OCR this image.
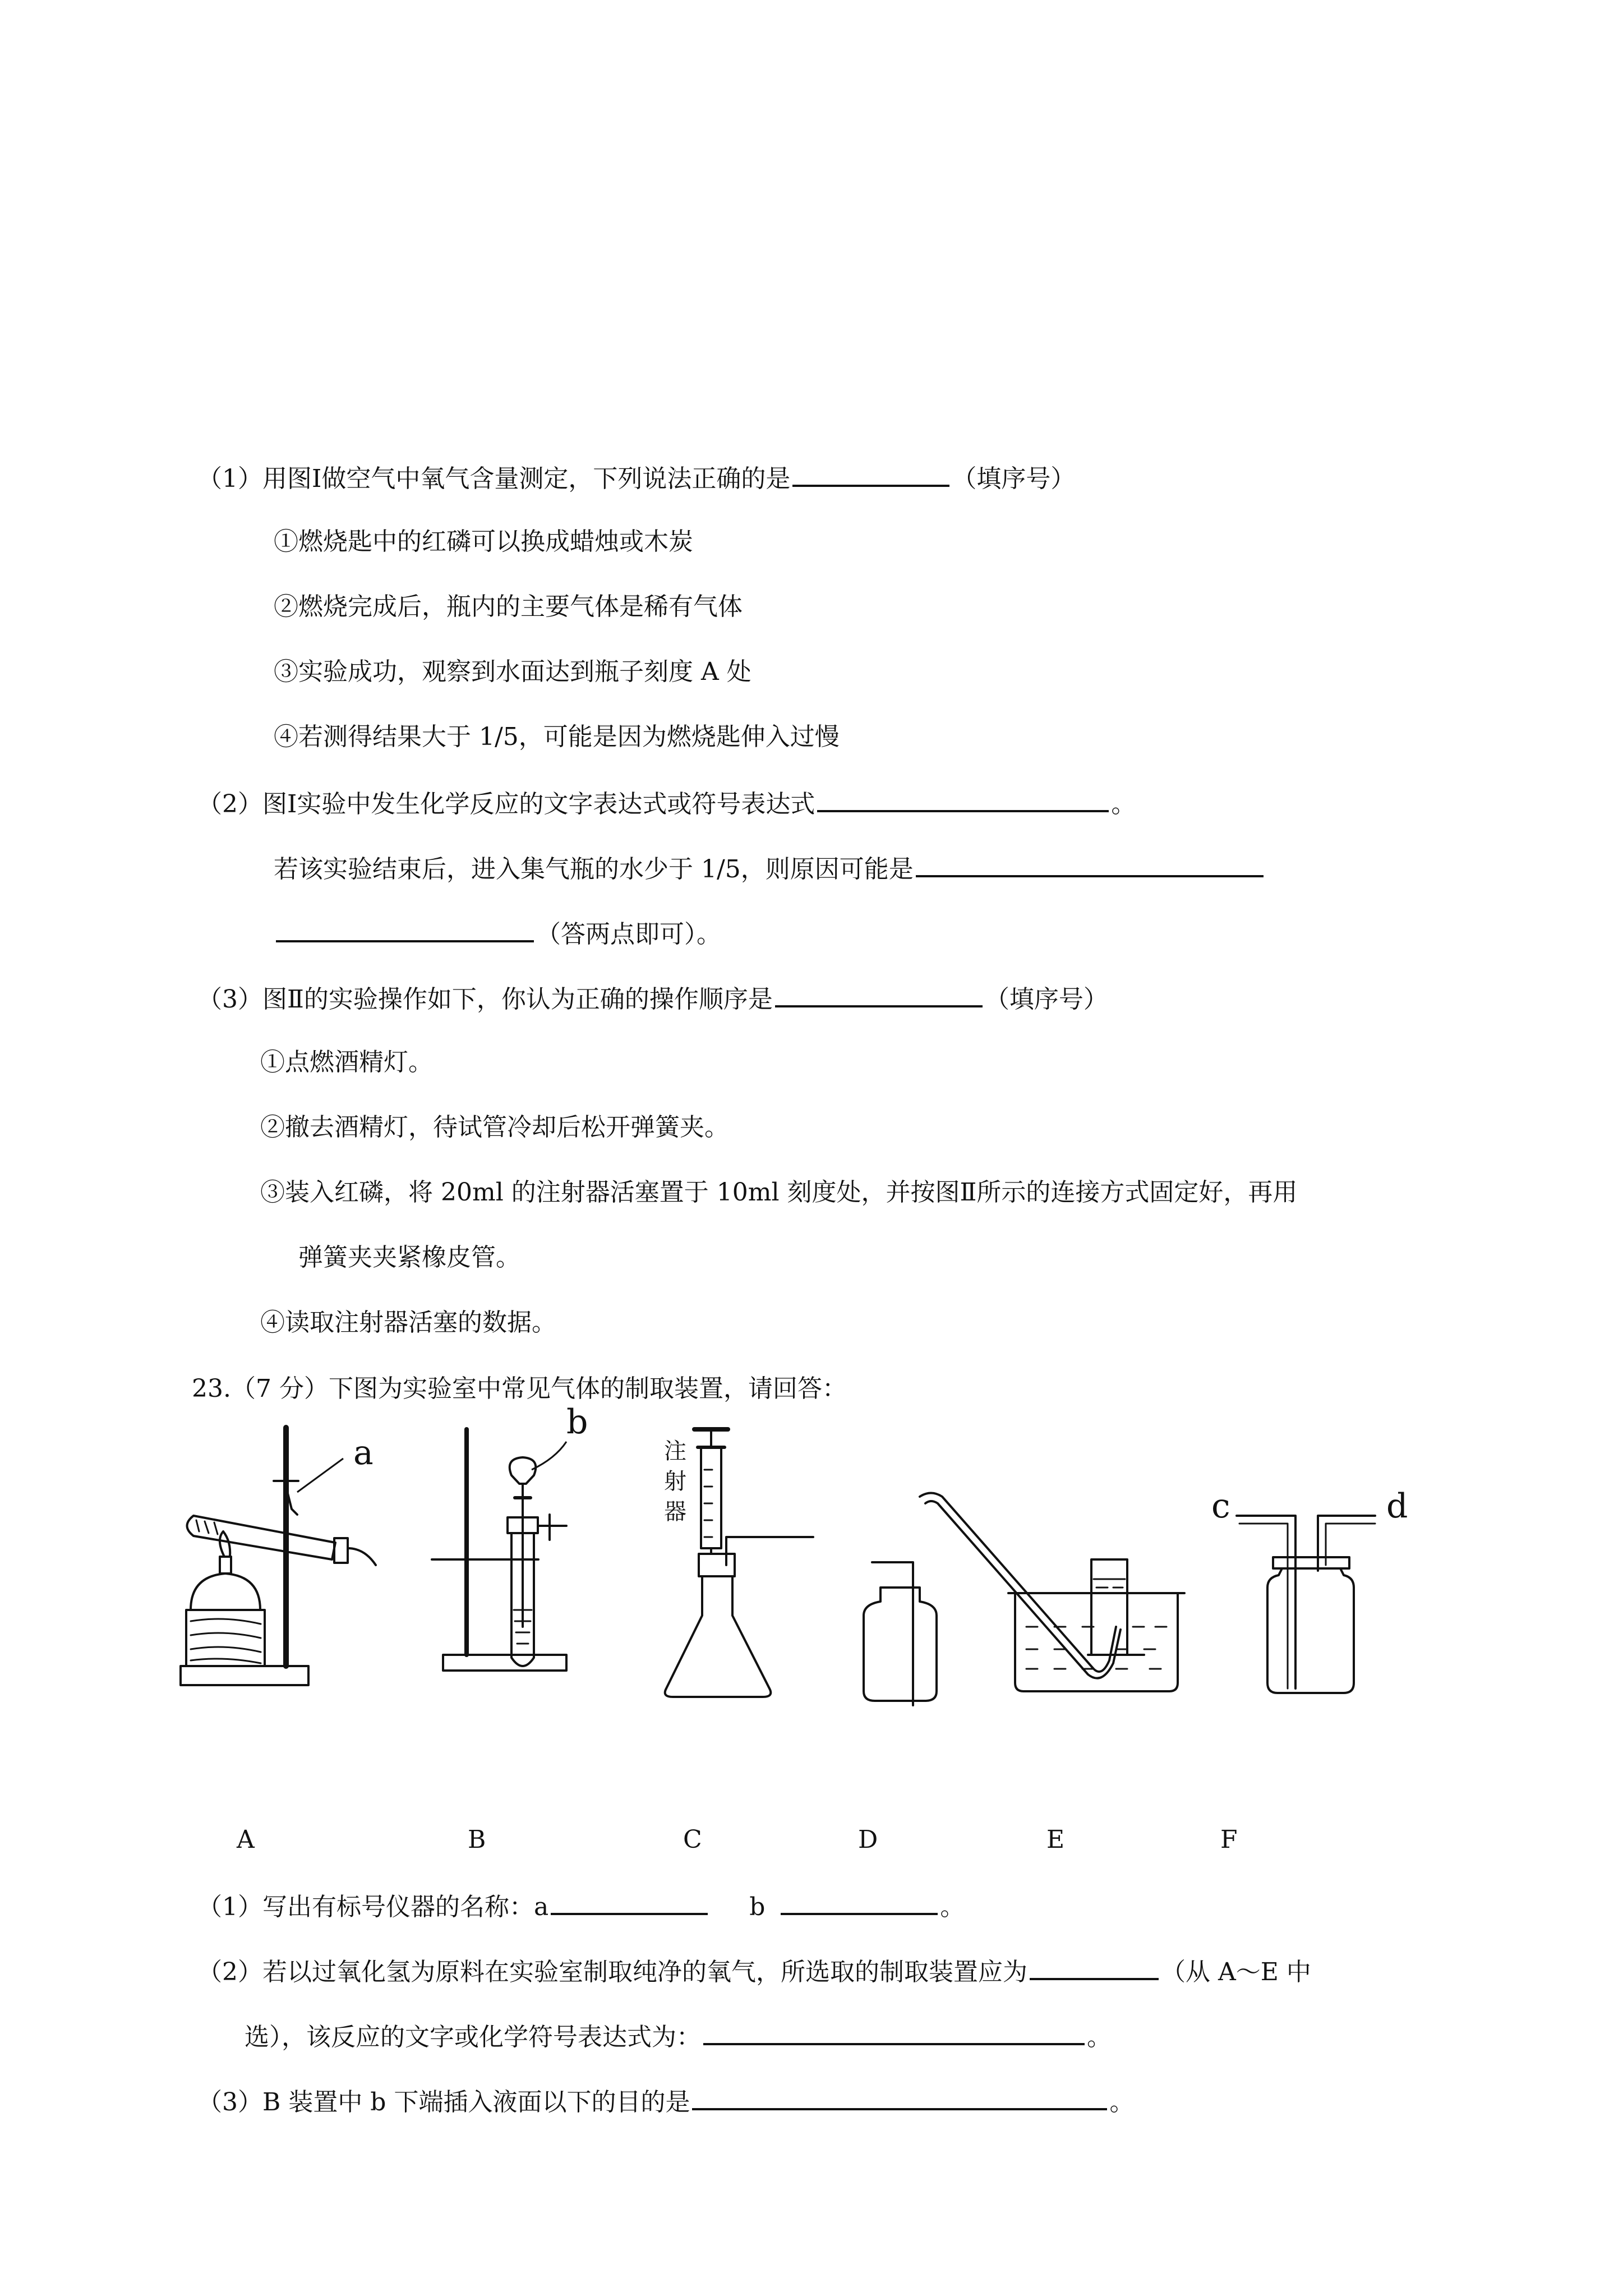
（1）用图Ⅰ做空气中氧气含量测定，下列说法正确的是	（填序号）
①燃烧匙中的红磷可以换成蜡烛或木炭
②燃烧完成后，瓶内的主要气体是稀有气体
③实验成功，观察到水面达到瓶子刻度 A 处
④若测得结果大于 1/5，可能是因为燃烧匙伸入过慢
（2）图Ⅰ实验中发生化学反应的文字表达式或符号表达式	。
若该实验结束后，进入集气瓶的水少于 1/5，则原因可能是
（答两点即可）。
（3）图Ⅱ的实验操作如下，你认为正确的操作顺序是	（填序号）
①点燃酒精灯。
②撤去酒精灯，待试管冷却后松开弹簧夹。
③装入红磷，将 20ml 的注射器活塞置于 10ml 刻度处，并按图Ⅱ所示的连接方式固定好，再用
弹簧夹夹紧橡皮管。
④读取注射器活塞的数据。
23.（7 分）下图为实验室中常见气体的制取装置，请回答：
a
b
c	d
注
射
器
A	B	C	D	E	F
（1）写出有标号仪器的名称：a	b	。
（2）若以过氧化氢为原料在实验室制取纯净的氧气，所选取的制取装置应为	（从 A～E 中
选），该反应的文字或化学符号表达式为：	。
（3）B 装置中 b 下端插入液面以下的目的是	。
